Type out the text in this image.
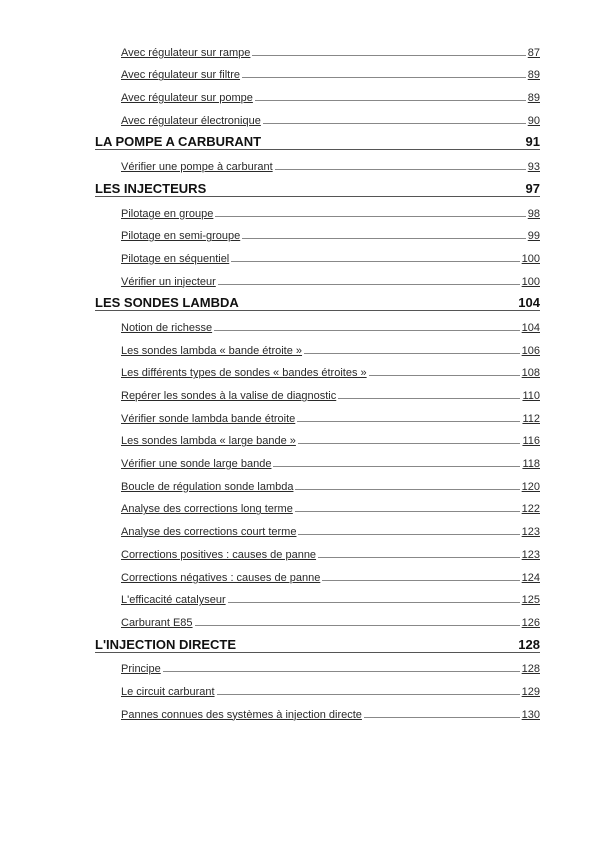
Avec régulateur sur rampe	87
Avec régulateur sur filtre	89
Avec régulateur sur pompe	89
Avec régulateur électronique	90
LA POMPE A CARBURANT	91
Vérifier une pompe à carburant	93
LES INJECTEURS	97
Pilotage en groupe	98
Pilotage en semi-groupe	99
Pilotage en séquentiel	100
Vérifier un injecteur	100
LES SONDES LAMBDA	104
Notion de richesse	104
Les sondes lambda « bande étroite »	106
Les différents types de sondes « bandes étroites »	108
Repérer les sondes à la valise de diagnostic	110
Vérifier sonde lambda bande étroite	112
Les sondes lambda « large bande »	116
Vérifier une sonde large bande	118
Boucle de régulation sonde lambda	120
Analyse des corrections long terme	122
Analyse des corrections court terme	123
Corrections positives : causes de panne	123
Corrections négatives : causes de panne	124
L'efficacité catalyseur	125
Carburant E85	126
L'INJECTION DIRECTE	128
Principe	128
Le circuit carburant	129
Pannes connues des systèmes à injection directe	130
